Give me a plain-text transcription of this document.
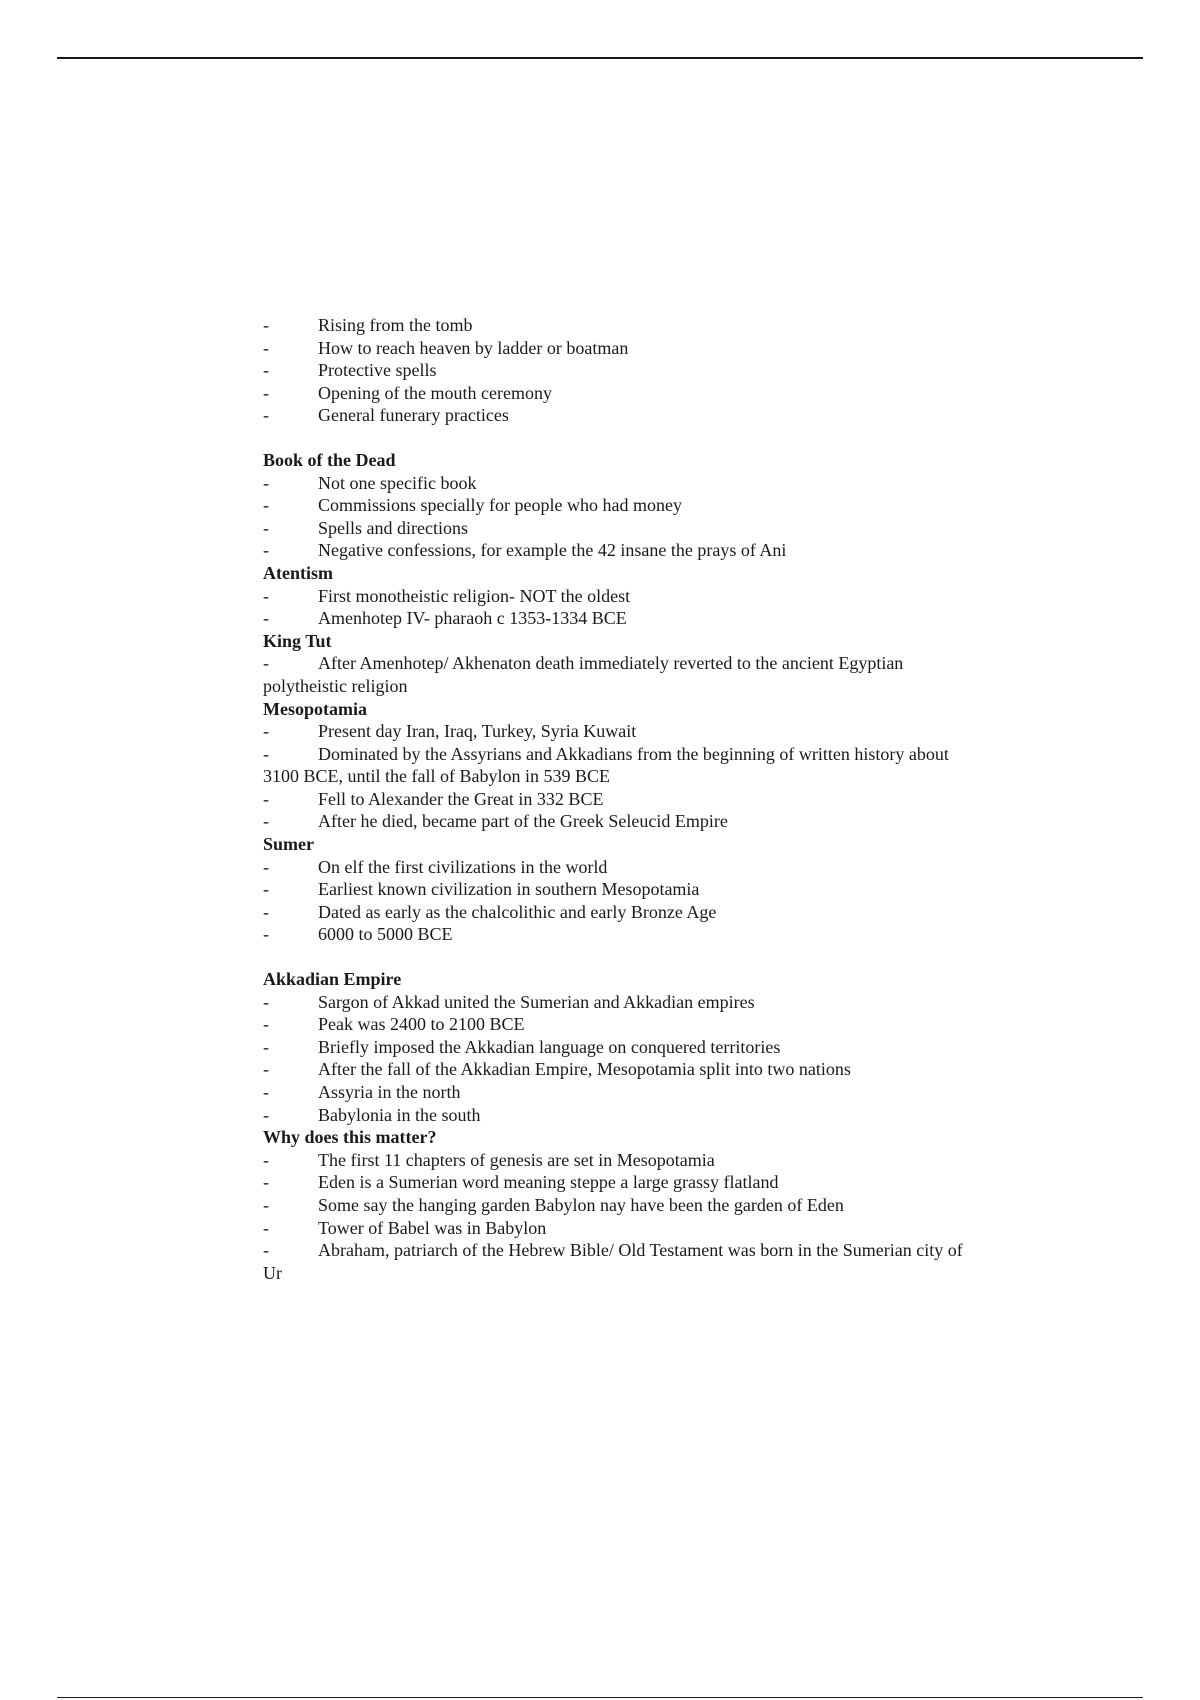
-	Rising from the tomb
-	How to reach heaven by ladder or boatman
-	Protective spells
-	Opening of the mouth ceremony
-	General funerary practices

Book of the Dead

-	Not one specific book
-	Commissions specially for people who had money
-	Spells and directions
-	Negative confessions, for example the 42 insane the prays of Ani

Atentism

-	First monotheistic religion- NOT the oldest
-	Amenhotep IV- pharaoh c 1353-1334 BCE

King Tut

-	After Amenhotep/ Akhenaton death immediately reverted to the ancient Egyptian polytheistic religion

Mesopotamia

-	Present day Iran, Iraq, Turkey, Syria Kuwait
-	Dominated by the Assyrians and Akkadians from the beginning of written history about 3100 BCE, until the fall of Babylon in 539 BCE
-	Fell to Alexander the Great in 332 BCE
-	After he died, became part of the Greek Seleucid Empire

Sumer

-	On elf the first civilizations in the world
-	Earliest known civilization in southern Mesopotamia
-	Dated as early as the chalcolithic and early Bronze Age
-	6000 to 5000 BCE

Akkadian Empire

-	Sargon of Akkad united the Sumerian and Akkadian empires
-	Peak was 2400 to 2100 BCE
-	Briefly imposed the Akkadian language on conquered territories
-	After the fall of the Akkadian Empire, Mesopotamia split into two nations
-	Assyria in the north
-	Babylonia in the south

Why does this matter?

-	The first 11 chapters of genesis are set in Mesopotamia
-	Eden is a Sumerian word meaning steppe a large grassy flatland
-	Some say the hanging garden Babylon nay have been the garden of Eden
-	Tower of Babel was in Babylon
-	Abraham, patriarch of the Hebrew Bible/ Old Testament was born in the Sumerian city of Ur
